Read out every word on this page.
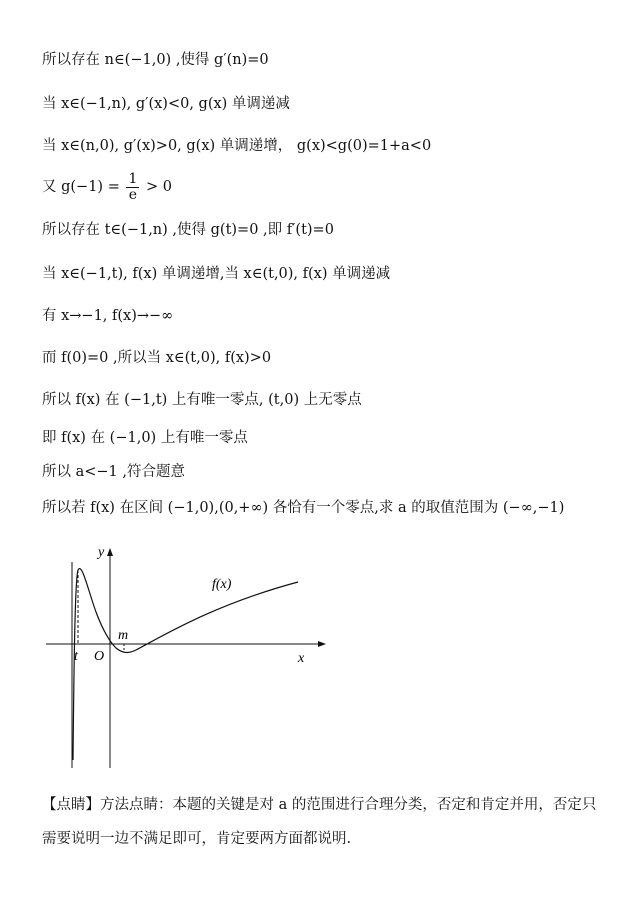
所以存在 n∈(−1,0) ,使得 g′(n)=0
当 x∈(−1,n), g′(x)<0, g(x) 单调递减
当 x∈(n,0), g′(x)>0, g(x) 单调递增， g(x)<g(0)=1+a<0
又 $g(-1) = \frac{1}{e} > 0$
所以存在 t∈(−1,n) ,使得 g(t)=0 ,即 f′(t)=0
当 x∈(−1,t), f(x) 单调递增,当 x∈(t,0), f(x) 单调递减
有 x→−1, f(x)→−∞
而 f(0)=0 ,所以当 x∈(t,0), f(x)>0
所以 f(x) 在 (−1,t) 上有唯一零点, (t,0) 上无零点
即 f(x) 在 (−1,0) 上有唯一零点
所以 a<−1 ,符合题意
所以若 f(x) 在区间 (−1,0),(0,+∞) 各恰有一个零点,求 a 的取值范围为 (−∞,−1)
y
x
f(x)
t O
m
【点睛】方法点睛：本题的关键是对 a 的范围进行合理分类，否定和肯定并用，否定只需要说明一边不满足即可，肯定要两方面都说明.
